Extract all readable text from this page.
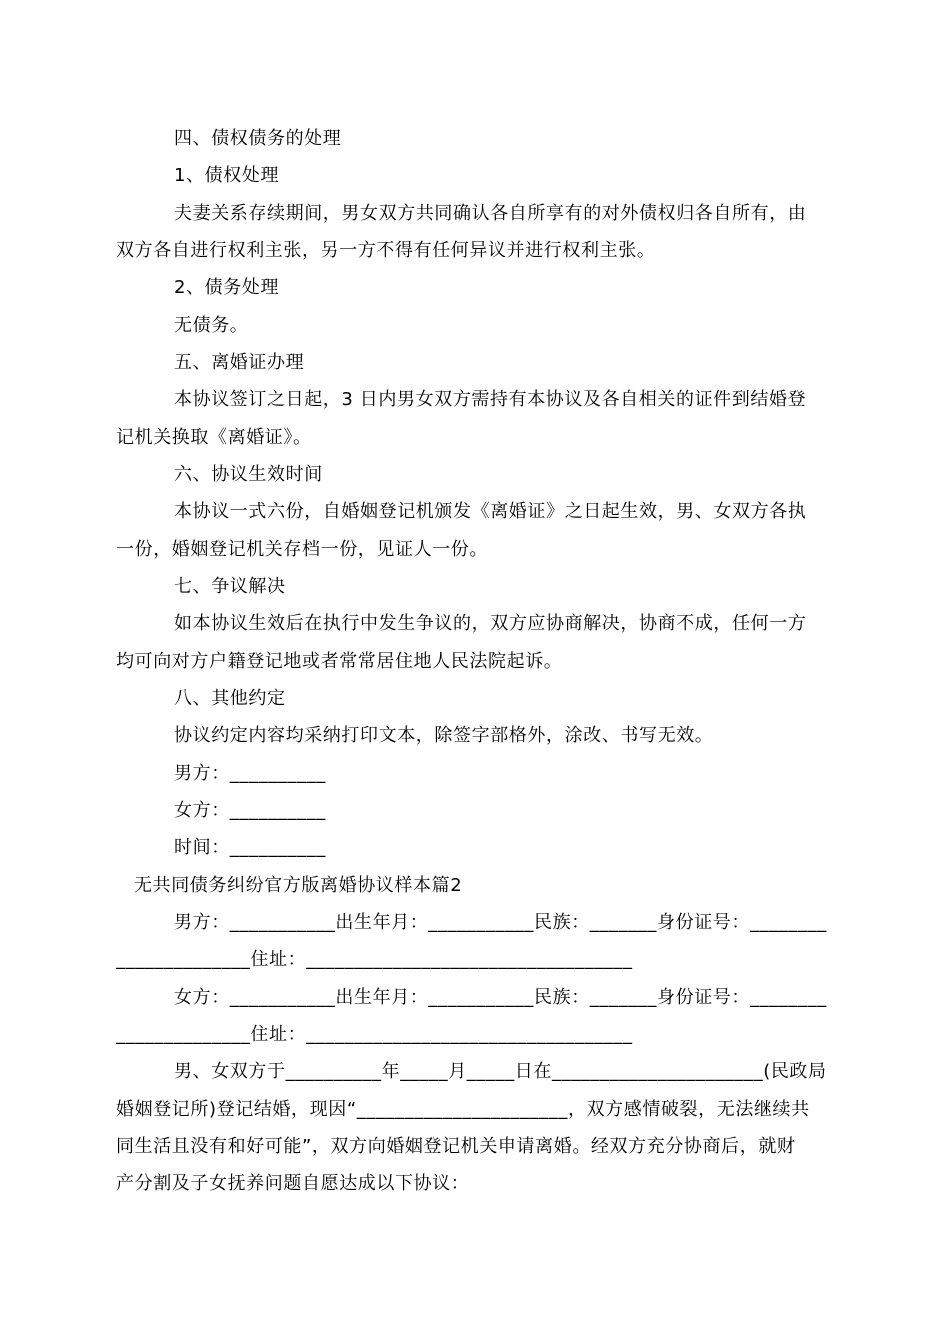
四、债权债务的处理
1、债权处理
夫妻关系存续期间，男女双方共同确认各自所享有的对外债权归各自所有，由
双方各自进行权利主张，另一方不得有任何异议并进行权利主张。
2、债务处理
无债务。
五、离婚证办理
本协议签订之日起，3 日内男女双方需持有本协议及各自相关的证件到结婚登
记机关换取《离婚证》。
六、协议生效时间
本协议一式六份，自婚姻登记机颁发《离婚证》之日起生效，男、女双方各执
一份，婚姻登记机关存档一份，见证人一份。
七、争议解决
如本协议生效后在执行中发生争议的，双方应协商解决，协商不成，任何一方
均可向对方户籍登记地或者常常居住地人民法院起诉。
八、其他约定
协议约定内容均采纳打印文本，除签字部格外，涂改、书写无效。
男方：__________
女方：__________
时间：__________
无共同债务纠纷官方版离婚协议样本篇2
男方：___________出生年月：___________民族：_______身份证号：________
______________住址：__________________________________
女方：___________出生年月：___________民族：_______身份证号：________
______________住址：__________________________________
男、女双方于__________年_____月_____日在______________________(民政局
婚姻登记所)登记结婚，现因“______________________，双方感情破裂，无法继续共
同生活且没有和好可能”，双方向婚姻登记机关申请离婚。经双方充分协商后，就财
产分割及子女抚养问题自愿达成以下协议：
